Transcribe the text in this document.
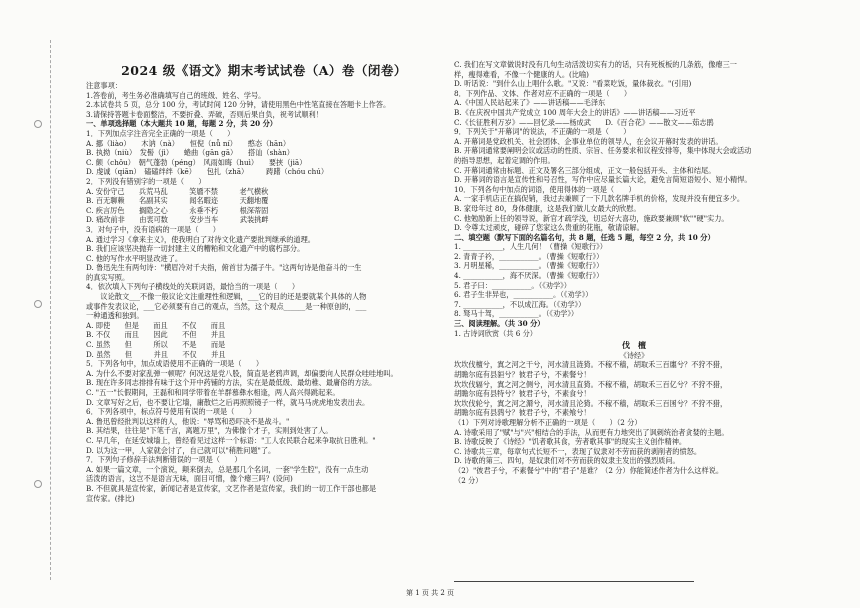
2024 级《语文》期末考试试卷（A）卷（闭卷）
注意事项：
1.答卷前，考生务必准确填写自己的班级、姓名、学号。
2.本试卷共 5 页，总分 100 分，考试时间 120 分钟，请使用黑色中性笔直接在答题卡上作答。
3.请保持答题卡卷面整洁，不要折叠、弄破，否则后果自负，祝考试顺利！
一、单项选择题（本大题共 10 题，每题 2 分，共 20 分）
1．下列加点字注音完全正确的一项是（　　）
A. 挪（liào）　　木讷（nà）　　恒倪（nǚ ní）　　憨态（hān）
B. 执拗（niù）　发髻（jì）　　蜷曲（gān gā）　　搭讪（shàn）
C. 颇（chǒu）　朝气蓬勃（péng）　风雨如晦（huì）　　要挟（jiā）
D. 虔诚（qiān）　磕磕绊绊（kē）　　包扎（zhā）　　　踌躇（chóu chú）
2．下列没有错别字的一项是（　　）
A. 安份守己　　兵荒马乱　　　笑靥不禁　　　老气横秋
B. 百无聊赖　　名副其实　　　闻名暇迩　　　天翻地覆
C. 疾言厉色　　搁隐之心　　　永垂不朽　　　根深蒂固
D. 痛改前非　　由衷可数　　　安步当车　　　武装挑衅
3．对句子中，没有语病的一项是（　　）
A. 通过学习《拿来主义》，使我明白了对待文化遗产要批判继承的道理。
B. 我们应该坚决抛弃一切封建主义的糟粕和文化遗产中的腐朽部分。
C. 他的写作水平明显改进了。
D. 鲁迅先生有两句诗："横眉冷对千夫指，俯首甘为孺子牛。"这两句诗是他奋斗的一生
的真实写照。
4．依次填入下列句子横线处的关联词语，最恰当的一项是（　　）
　　议论散文___不像一般议论文注重理性和逻辑，___它的目的还是要就某个具体的人物
或事件发表议论，___它必须要有自己的观点，当然，这个观点______是一种原创的，___
一种通透和独到。
A. 即使　　但是　　而且　　不仅　　而且
B. 不仅　　而且　　因此　　不但　　并且
C. 虽然　　但　　　所以　　不是　　而是
D. 虽然　　但　　　并且　　不仅　　并且
5．下列各句中，加点成语使用不正确的一项是（　　）
A. 为什么不要对家乱弹一顿呢？何况这是党八股，简直是老鸦声调，却偏要向人民群众哇哇地叫。
B. 现在许多同志排排有味于这个开中药铺的方法，实在是最低级、最幼稚、最庸俗的方法。
C. "五一"长假期间，王磊和和同学带着在羊群慕彝水相逢，两人高兴得跳起来。
D. 文章写好之后，也不要让它墙，庸散烂之后再照照镜子一样，就马马虎虎地发表出去。
6．下列各项中，标点符号使用有误的一项是（　　）
A. 鲁迅曾经批判以这样的人，他说："辱骂和恐吓决不是战斗。"
B. 其结果，往往是"下笔千言，离题万里"，为佛像个才子，实则到处害了人。
C. 早几年，在延安城墙上，曾经看见过这样一个标语："工人农民联合起来争取抗日胜利。"
D. 以为这一甲，人家就会讨了，自己就可以"稍胜问题"了。
7．下列句子修辞手法判断错误的一项是（　　）
A. 如果一篇文章，一个演说，颠来倒去，总是那几个名词，一套"学生腔"，没有一点生动
活泼的语言，这岂不是语言无味，面目可憎，像个瘪三吗？(设问)
B. 不但就具是宣传家，新闻记者是宣传家，文艺作者是宣传家，我们的一切工作干部也都是
宣传家。(排比)
C. 我们在写文章做说时没有几句生动活泼切实有力的话，只有死板板的几条筋，像瘪三一
样，瘦得难看，不像一个健康的人。(比喻)
D. 听话说："到什么山上唱什么歌。"又说："看菜吃饭，量体裁衣。"(引用)
8．下列作品、文体、作者对应不正确的一项是（　　）
A.《中国人民站起来了》——讲话稿——毛泽东
B.《在庆祝中国共产党成立 100 周年大会上的讲话》——讲话稿——习近平
C.《长征胜利万岁》——回忆录——杨成武　　D.《百合花》——散文——茹志鹃
9．下列关于"开幕词"的说法，不正确的一项是（　　）
A. 开幕词是党政机关、社会团体、企事业单位的领导人，在会议开幕时发表的讲话。
B. 开幕词通常要阐明会议或活动的性质、宗旨、任务要求和议程安排等，集中体现大会或活动
的指导思想，起着定调的作用。
C. 开幕词通常由标题、正文及署名三部分组成，正文一般包括开头、主体和结尾。
D. 开幕词的语言是宣传性和号召性，写作中应尽量长篇大论，避免言简短语短小、短小精悍。
10．下列各句中加点的词语，使用得体的一项是（　　）
A. 一家手机店正在搞促销，我过去兼顾了一下几款名牌手机的价格，发现并没有便宜多少。
B. 家母年过 80，身体健康，这是我们做儿女最大的欣慰。
C. 他勉励新上任的领导说，新官才疏学浅，切忌好大喜功，施政要兼顾"软""硬"实力。
D. 令尊太过顽皮，碰碎了您家这么贵重的花瓶，敬请谅解。
二、填空题（默写下面的名篇名句，共 8 题，任选 5 题，每空 2 分，共 10 分）
1. ___________，人生几何！（曹操《短歌行》）
2. 青青子衿，___________。（曹操《短歌行》）
3. 月明星稀，___________。（曹操《短歌行》）
4. ___________，海不厌深。（曹操《短歌行》）
5. 君子曰：___________。（《劝学》）
6. 君子生非异也，___________。（《劝学》）
7. ___________，不以成江海。（《劝学》）
8. 驽马十驾，___________。（《劝学》）
三、阅读理解。（共 30 分）
1. 古诗词欣赏（共 6 分）
伐　檀
《诗经》
坎坎伐檀兮，寘之河之干兮，河水清且涟猗。不稼不穑，胡取禾三百廛兮？不狩不猎，
胡瞻尔庭有县貆兮？彼君子兮，不素餐兮！
坎坎伐辐兮，寘之河之侧兮，河水清且直猗。不稼不穑，胡取禾三百亿兮？不狩不猎，
胡瞻尔庭有县特兮？彼君子兮，不素食兮！
坎坎伐轮兮，寘之河之漘兮，河水清且沦猗。不稼不穑，胡取禾三百囷兮？不狩不猎，
胡瞻尔庭有县鹑兮？彼君子兮，不素飧兮！
（1）下列对诗歌理解分析不正确的一项是（　　）（2 分）
A. 诗歌采用了"赋"与"兴"相结合的手法，从而更有力地突出了讽刺统治者贪婪的主题。
B. 诗歌反映了《诗经》"饥者歌其食，劳者歌其事"的现实主义创作精神。
C. 诗歌共三章，每章句式长短不一，表现了奴隶对不劳而获的剥削者的愤怒。
D. 诗歌的第三、四句，是奴隶们对不劳而获的奴隶主发出的强烈质问。
（2）"彼君子兮，不素餐兮"中的"君子"是谁？（2 分）你能简述作者为什么这样说。
（2 分）
第 1 页 共 2 页
